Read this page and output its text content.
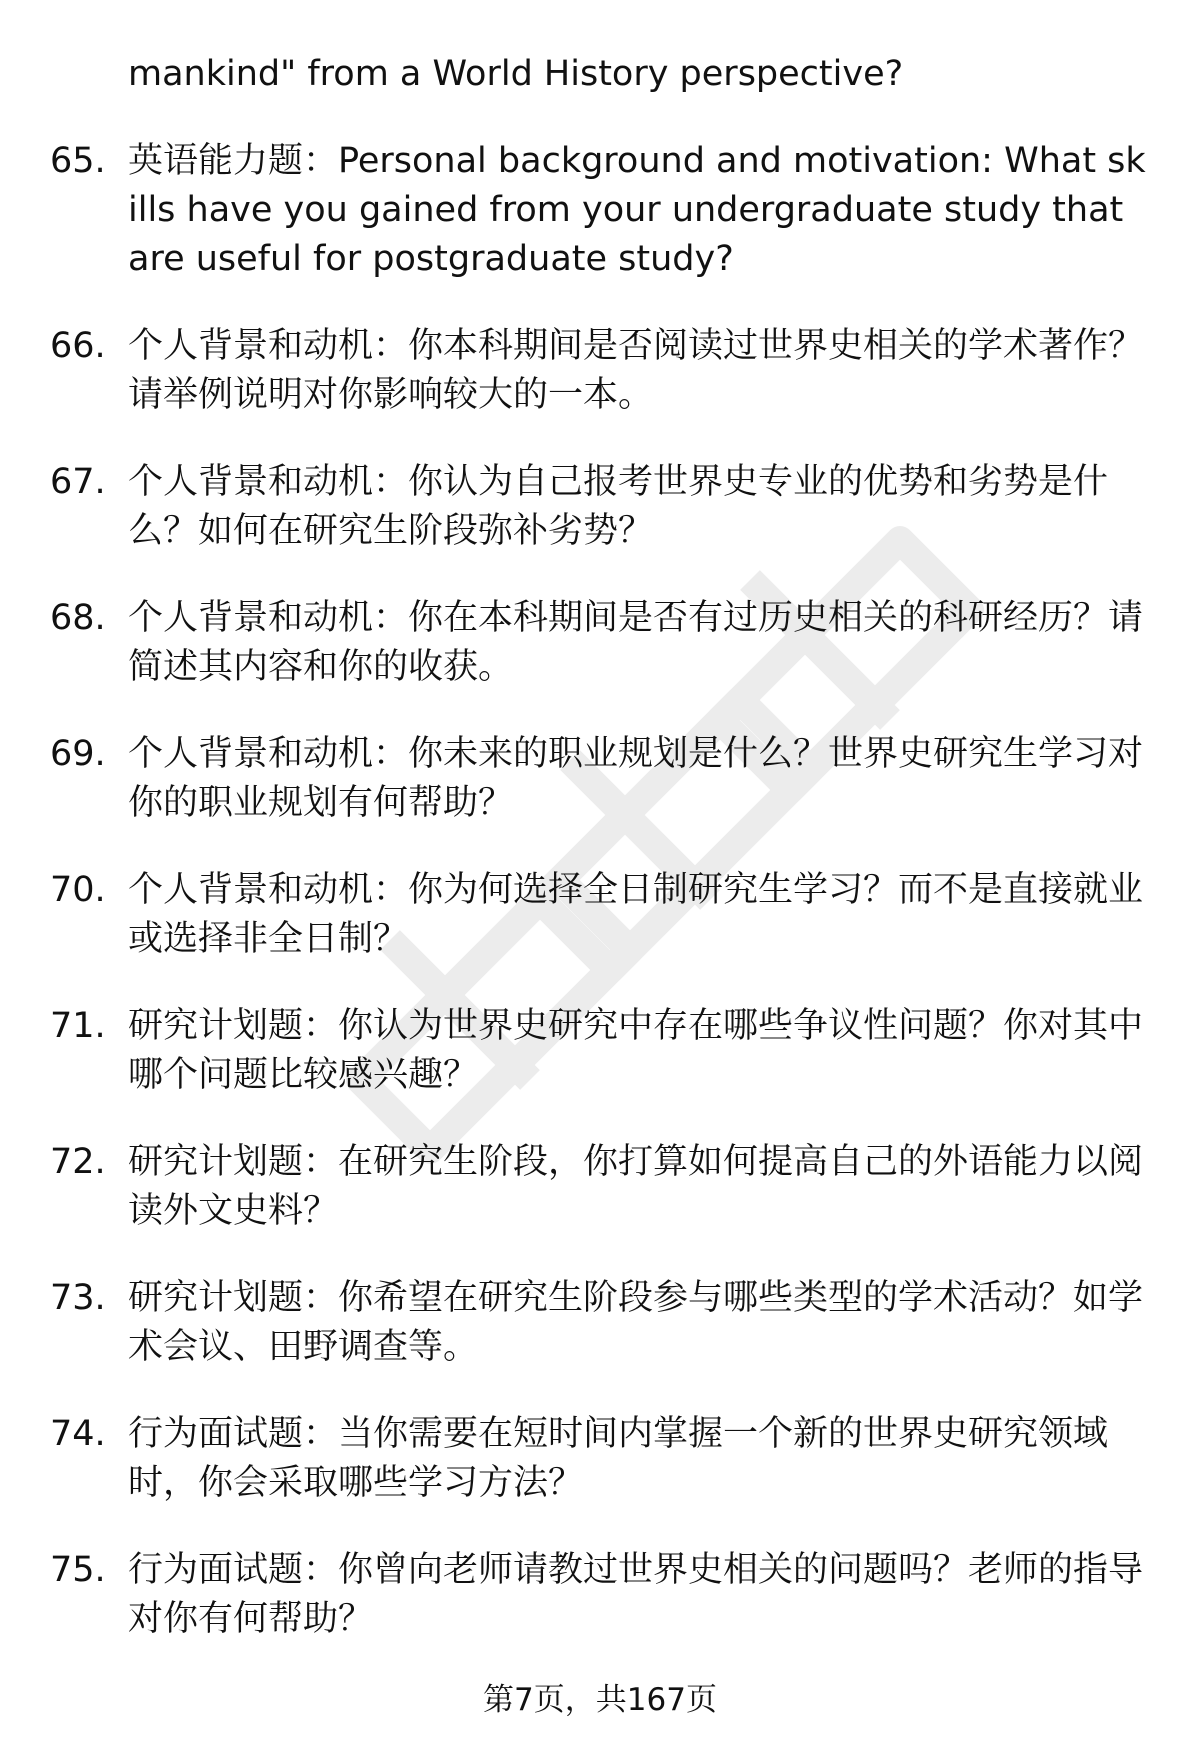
mankind" from a World History perspective?
65. 英语能力题：Personal background and motivation: What skills have you gained from your undergraduate study that are useful for postgraduate study?
66. 个人背景和动机：你本科期间是否阅读过世界史相关的学术著作？请举例说明对你影响较大的一本。
67. 个人背景和动机：你认为自己报考世界史专业的优势和劣势是什么？如何在研究生阶段弥补劣势？
68. 个人背景和动机：你在本科期间是否有过历史相关的科研经历？请简述其内容和你的收获。
69. 个人背景和动机：你未来的职业规划是什么？世界史研究生学习对你的职业规划有何帮助？
70. 个人背景和动机：你为何选择全日制研究生学习？而不是直接就业或选择非全日制？
71. 研究计划题：你认为世界史研究中存在哪些争议性问题？你对其中哪个问题比较感兴趣？
72. 研究计划题：在研究生阶段，你打算如何提高自己的外语能力以阅读外文史料？
73. 研究计划题：你希望在研究生阶段参与哪些类型的学术活动？如学术会议、田野调查等。
74. 行为面试题：当你需要在短时间内掌握一个新的世界史研究领域时，你会采取哪些学习方法？
75. 行为面试题：你曾向老师请教过世界史相关的问题吗？老师的指导对你有何帮助？
第7页，共167页
